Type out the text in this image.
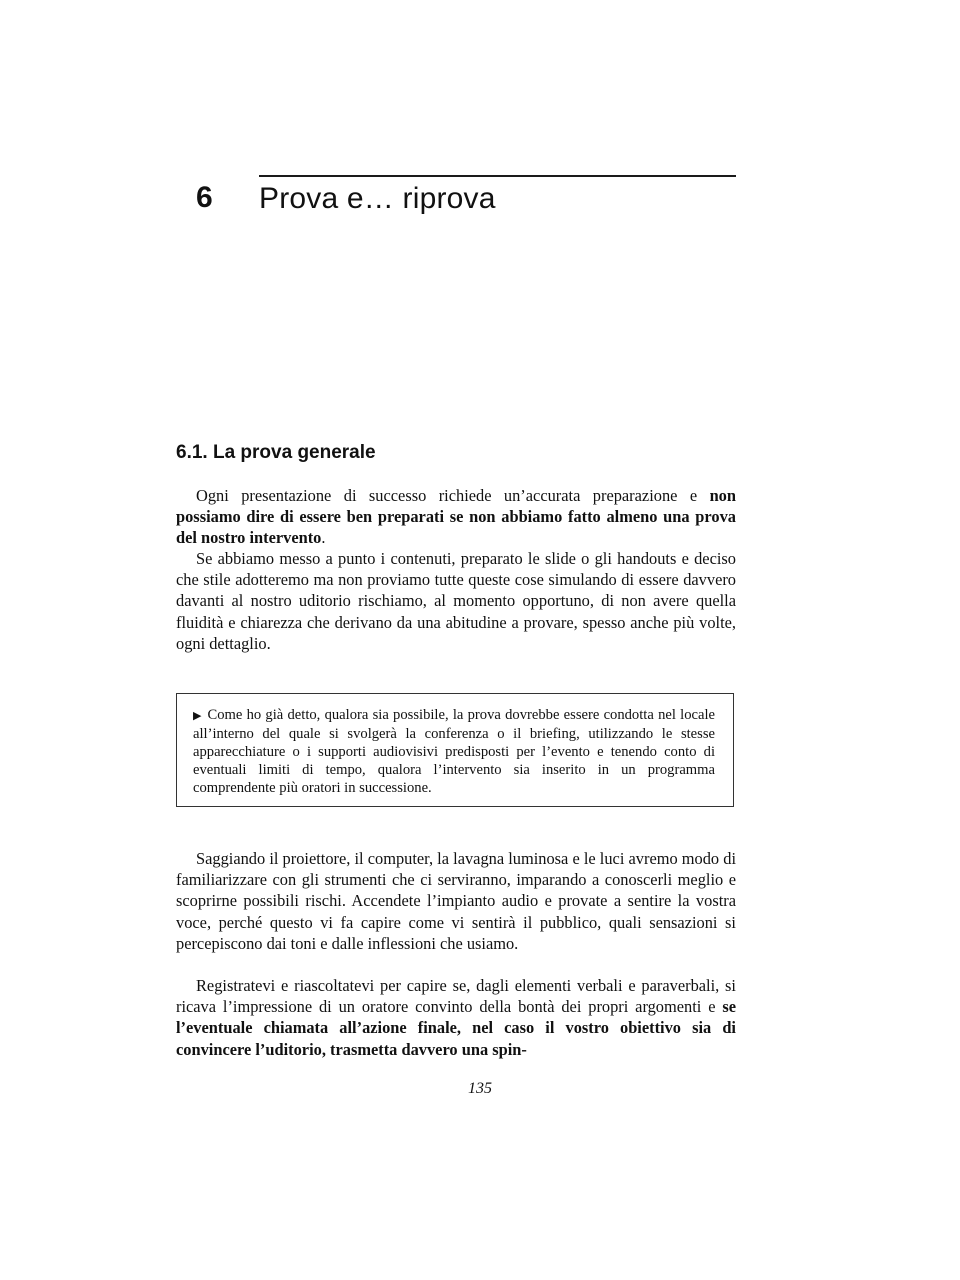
6 Prova e… riprova
6.1. La prova generale

Ogni presentazione di successo richiede un’accurata preparazione e non possiamo dire di essere ben preparati se non abbiamo fatto almeno una prova del nostro intervento.

Se abbiamo messo a punto i contenuti, preparato le slide o gli handouts e deciso che stile adotteremo ma non proviamo tutte queste cose simulando di essere davvero davanti al nostro uditorio rischiamo, al momento opportuno, di non avere quella fluidità e chiarezza che derivano da una abitudine a provare, spesso anche più volte, ogni dettaglio.

▶ Come ho già detto, qualora sia possibile, la prova dovrebbe essere condotta nel locale all’interno del quale si svolgerà la conferenza o il briefing, utilizzando le stesse apparecchiature o i supporti audiovisivi predisposti per l’evento e tenendo conto di eventuali limiti di tempo, qualora l’intervento sia inserito in un programma comprendente più oratori in successione.

Saggiando il proiettore, il computer, la lavagna luminosa e le luci avremo modo di familiarizzare con gli strumenti che ci serviranno, imparando a conoscerli meglio e scoprirne possibili rischi. Accendete l’impianto audio e provate a sentire la vostra voce, perché questo vi fa capire come vi sentirà il pubblico, quali sensazioni si percepiscono dai toni e dalle inflessioni che usiamo.

Registratevi e riascoltatevi per capire se, dagli elementi verbali e paraverbali, si ricava l’impressione di un oratore convinto della bontà dei propri argomenti e se l’eventuale chiamata all’azione finale, nel caso il vostro obiettivo sia di convincere l’uditorio, trasmetta davvero una spin-

135
